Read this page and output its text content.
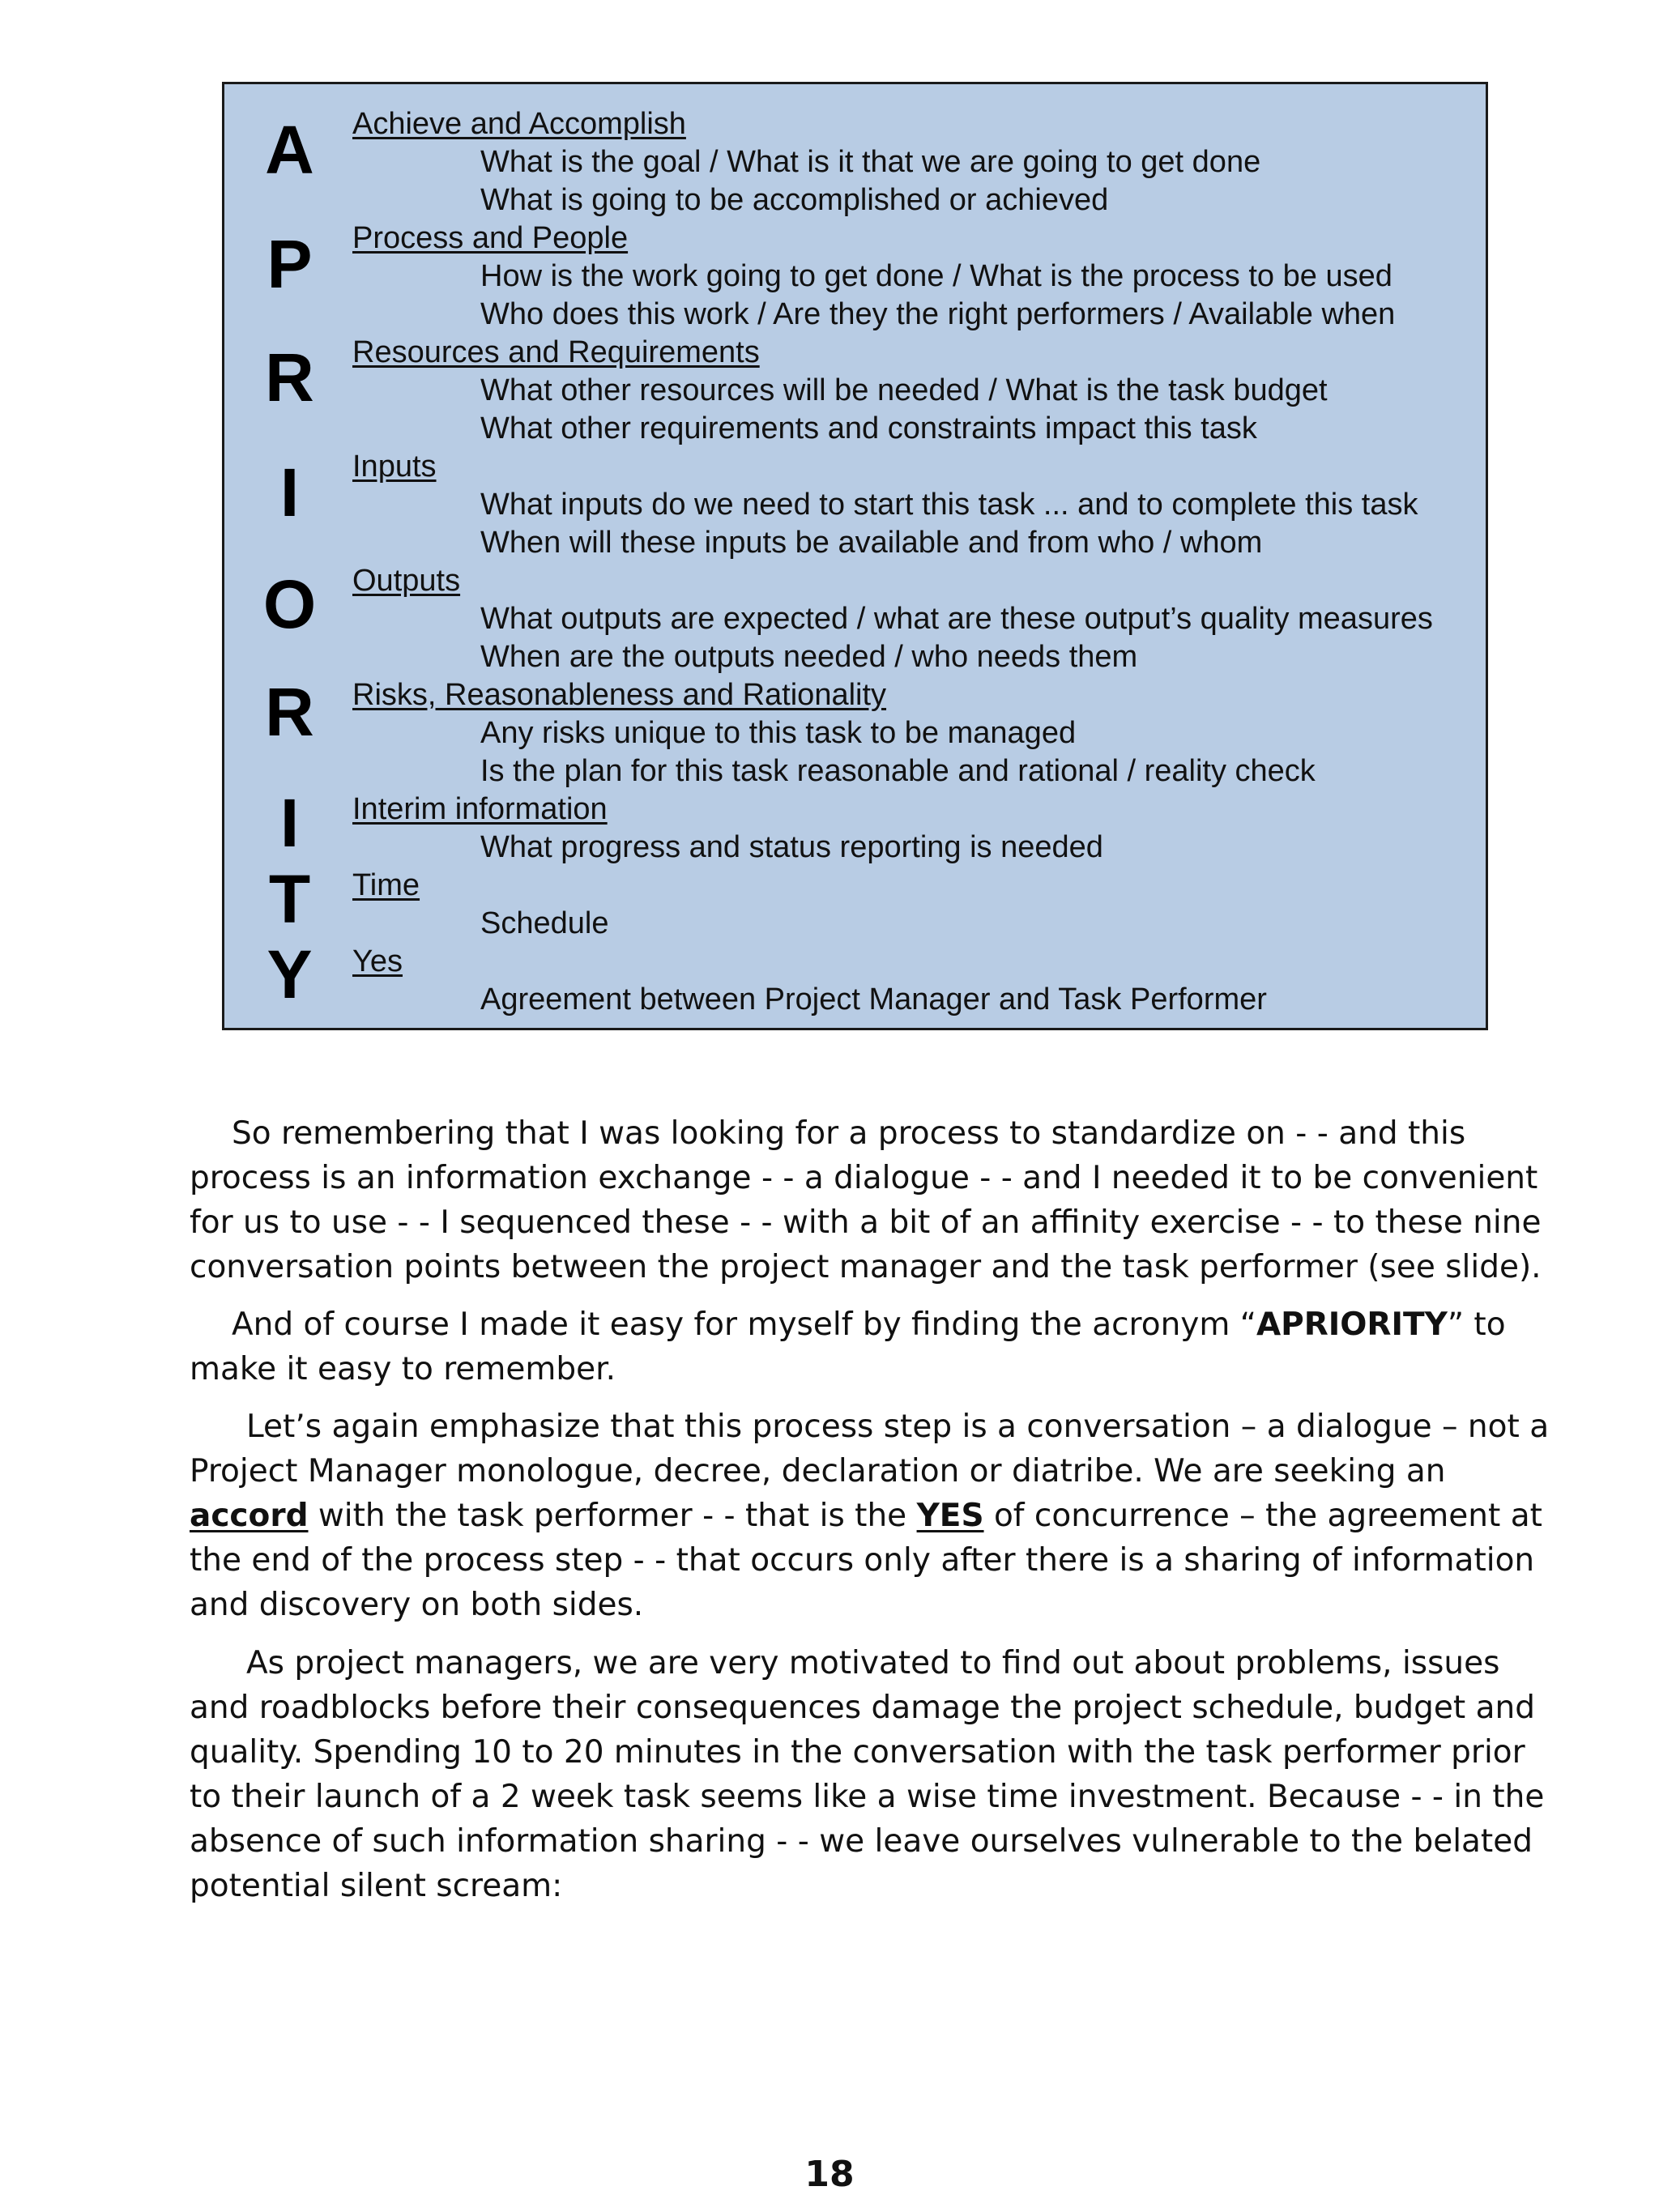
A
P
R
I
O
R
I
T
Y
Achieve and Accomplish
What is the goal / What is it that we are going to get done
What is going to be accomplished or achieved
Process and People
How is the work going to get done / What is the process to be used
Who does this work / Are they the right performers / Available when
Resources and Requirements
What other resources will be needed / What is the task budget
What other requirements and constraints impact this task
Inputs
What inputs do we need to start this task ... and to complete this task
When will these inputs be available and from who / whom
Outputs
What outputs are expected / what are these output’s quality measures
When are the outputs needed / who needs them
Risks, Reasonableness and Rationality
Any risks unique to this task to be managed
Is the plan for this task reasonable and rational / reality check
Interim information
What progress and status reporting is needed
Time
Schedule
Yes
Agreement between Project Manager and Task Performer
So remembering that I was looking for a process to standardize on - - and this
process is an information exchange - - a dialogue - - and I needed it to be convenient
for us to use - - I sequenced these - - with a bit of an affinity exercise - - to these nine
conversation points between the project manager and the task performer (see slide).
And of course I made it easy for myself by finding the acronym “APRIORITY” to
make it easy to remember.
Let’s again emphasize that this process step is a conversation – a dialogue – not a
Project Manager monologue, decree, declaration or diatribe. We are seeking an
accord with the task performer - - that is the YES of concurrence – the agreement at
the end of the process step - - that occurs only after there is a sharing of information
and discovery on both sides.
As project managers, we are very motivated to find out about problems, issues
and roadblocks before their consequences damage the project schedule, budget and
quality. Spending 10 to 20 minutes in the conversation with the task performer prior
to their launch of a 2 week task seems like a wise time investment. Because - - in the
absence of such information sharing - - we leave ourselves vulnerable to the belated
potential silent scream:
18
